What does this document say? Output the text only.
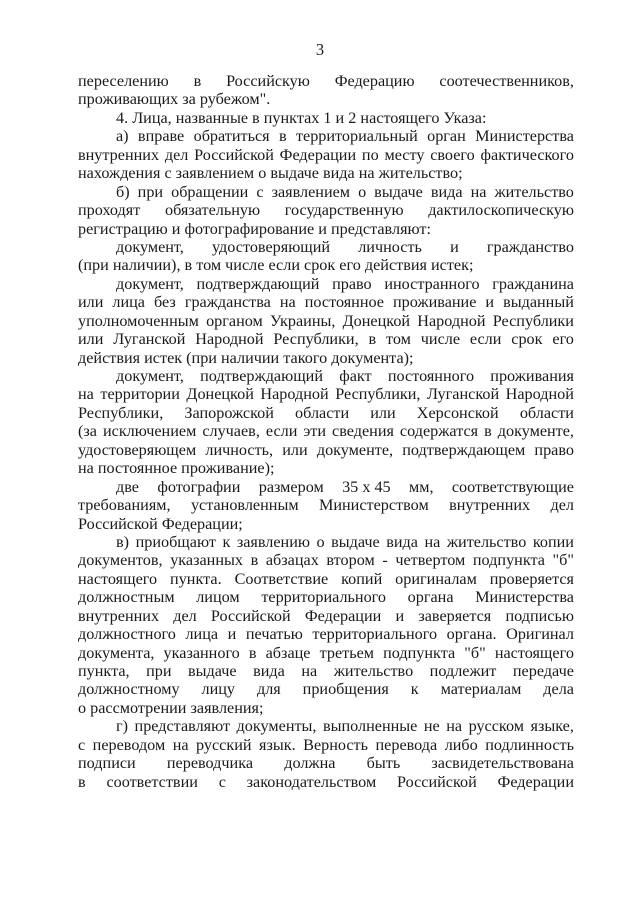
3
переселению в Российскую Федерацию соотечественников,
проживающих за рубежом".
4. Лица, названные в пунктах 1 и 2 настоящего Указа:
а) вправе обратиться в территориальный орган Министерства
внутренних дел Российской Федерации по месту своего фактического
нахождения с заявлением о выдаче вида на жительство;
б) при обращении с заявлением о выдаче вида на жительство
проходят обязательную государственную дактилоскопическую
регистрацию и фотографирование и представляют:
документ, удостоверяющий личность и гражданство
(при наличии), в том числе если срок его действия истек;
документ, подтверждающий право иностранного гражданина
или лица без гражданства на постоянное проживание и выданный
уполномоченным органом Украины, Донецкой Народной Республики
или Луганской Народной Республики, в том числе если срок его
действия истек (при наличии такого документа);
документ, подтверждающий факт постоянного проживания
на территории Донецкой Народной Республики, Луганской Народной
Республики, Запорожской области или Херсонской области
(за исключением случаев, если эти сведения содержатся в документе,
удостоверяющем личность, или документе, подтверждающем право
на постоянное проживание);
две фотографии размером 35 x 45 мм, соответствующие
требованиям, установленным Министерством внутренних дел
Российской Федерации;
в) приобщают к заявлению о выдаче вида на жительство копии
документов, указанных в абзацах втором - четвертом подпункта "б"
настоящего пункта. Соответствие копий оригиналам проверяется
должностным лицом территориального органа Министерства
внутренних дел Российской Федерации и заверяется подписью
должностного лица и печатью территориального органа. Оригинал
документа, указанного в абзаце третьем подпункта "б" настоящего
пункта, при выдаче вида на жительство подлежит передаче
должностному лицу для приобщения к материалам дела
о рассмотрении заявления;
г) представляют документы, выполненные не на русском языке,
с переводом на русский язык. Верность перевода либо подлинность
подписи переводчика должна быть засвидетельствована
в соответствии с законодательством Российской Федерации
